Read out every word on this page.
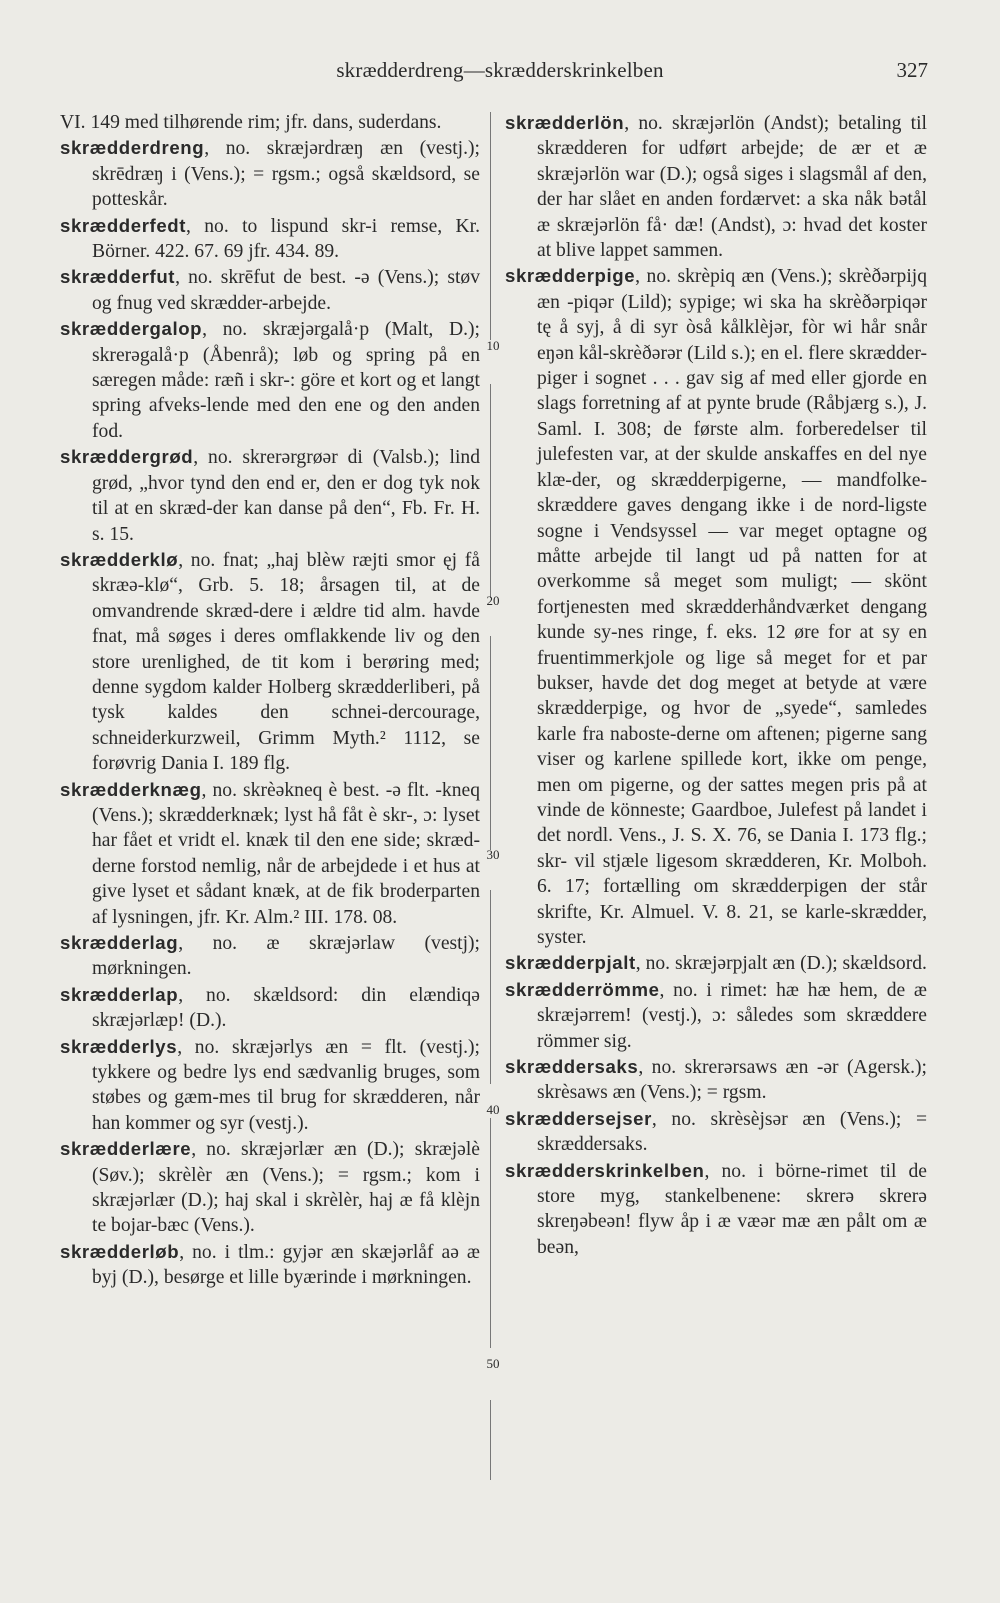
skrædderdreng—skrædderskrinkelben	327
10
20
30
40
50

VI. 149 med tilhørende rim; jfr. dans, suderdans.

skrædderdreng, no. skræjərdræŋ æn (vestj.); skrēdræŋ i (Vens.); = rgsm.; også skældsord, se potteskår.

skrædderfedt, no. to lispund skr-i remse, Kr. Börner. 422. 67. 69 jfr. 434. 89.

skrædderfut, no. skrēfut de best. -ə (Vens.); støv og fnug ved skrædder-arbejde.

skræddergalop, no. skræjərgalå·p (Malt, D.); skrerəgalå·p (Åbenrå); løb og spring på en særegen måde: ræñ i skr-: göre et kort og et langt spring afveks-lende med den ene og den anden fod.

skræddergrød, no. skrerərgrøər di (Valsb.); lind grød, „hvor tynd den end er, den er dog tyk nok til at en skræd-der kan danse på den“, Fb. Fr. H. s. 15.

skrædderklø, no. fnat; „haj blèw ræjti smor ęj få skræə-klø“, Grb. 5. 18; årsagen til, at de omvandrende skræd-dere i ældre tid alm. havde fnat, må søges i deres omflakkende liv og den store urenlighed, de tit kom i berøring med; denne sygdom kalder Holberg skrædderliberi, på tysk kaldes den schnei-dercourage, schneiderkurzweil, Grimm Myth.² 1112, se forøvrig Dania I. 189 flg.

skrædderknæg, no. skrèəkneq è best. -ə flt. -kneq (Vens.); skrædderknæk; lyst hå fåt è skr-, ɔ: lyset har fået et vridt el. knæk til den ene side; skræd-derne forstod nemlig, når de arbejdede i et hus at give lyset et sådant knæk, at de fik broderparten af lysningen, jfr. Kr. Alm.² III. 178. 08.

skrædderlag, no. æ skræjərlaw (vestj); mørkningen.

skrædderlap, no. skældsord: din elændiqə skræjərlæp! (D.).

skrædderlys, no. skræjərlys æn = flt. (vestj.); tykkere og bedre lys end sædvanlig bruges, som støbes og gæm-mes til brug for skrædderen, når han kommer og syr (vestj.).

skrædderlære, no. skræjərlær æn (D.); skræjəlè (Søv.); skrèlèr æn (Vens.); = rgsm.; kom i skræjərlær (D.); haj skal i skrèlèr, haj æ få klèjn te bojar-bæc (Vens.).

skrædderløb, no. i tlm.: gyjər æn skæjərlåf aə æ byj (D.), besørge et lille byærinde i mørkningen.

skrædderlön, no. skræjərlön (Andst); betaling til skrædderen for udført arbejde; de ær et æ skræjərlön war (D.); også siges i slagsmål af den, der har slået en anden fordærvet: a ska nåk bətål æ skræjərlön få· dæ! (Andst), ɔ: hvad det koster at blive lappet sammen.

skrædderpige, no. skrèpiq æn (Vens.); skrèðərpijq æn -piqər (Lild); sypige; wi ska ha skrèðərpiqər tę å syj, å di syr òså kålklèjər, fòr wi hår snår eŋən kål-skrèðərər (Lild s.); en el. flere skrædder-piger i sognet . . . gav sig af med eller gjorde en slags forretning af at pynte brude (Råbjærg s.), J. Saml. I. 308; de første alm. forberedelser til julefesten var, at der skulde anskaffes en del nye klæ-der, og skrædderpigerne, — mandfolke-skræddere gaves dengang ikke i de nord-ligste sogne i Vendsyssel — var meget optagne og måtte arbejde til langt ud på natten for at overkomme så meget som muligt; — skönt fortjenesten med skrædderhåndværket dengang kunde sy-nes ringe, f. eks. 12 øre for at sy en fruentimmerkjole og lige så meget for et par bukser, havde det dog meget at betyde at være skrædderpige, og hvor de „syede“, samledes karle fra naboste-derne om aftenen; pigerne sang viser og karlene spillede kort, ikke om penge, men om pigerne, og der sattes megen pris på at vinde de könneste; Gaardboe, Julefest på landet i det nordl. Vens., J. S. X. 76, se Dania I. 173 flg.; skr- vil stjæle ligesom skrædderen, Kr. Molboh. 6. 17; fortælling om skrædderpigen der står skrifte, Kr. Almuel. V. 8. 21, se karle-skrædder, syster.

skrædderpjalt, no. skræjərpjalt æn (D.); skældsord.

skrædderrömme, no. i rimet: hæ hæ hem, de æ skræjərrem! (vestj.), ɔ: således som skræddere römmer sig.

skræddersaks, no. skrerərsaws æn -ər (Agersk.); skrèsaws æn (Vens.); = rgsm.

skræddersejser, no. skrèsèjsər æn (Vens.); = skræddersaks.

skrædderskrinkelben, no. i börne-rimet til de store myg, stankelbenene: skrerə skrerə skreŋəbeən! flyw åp i æ væər mæ æn pålt om æ beən,
